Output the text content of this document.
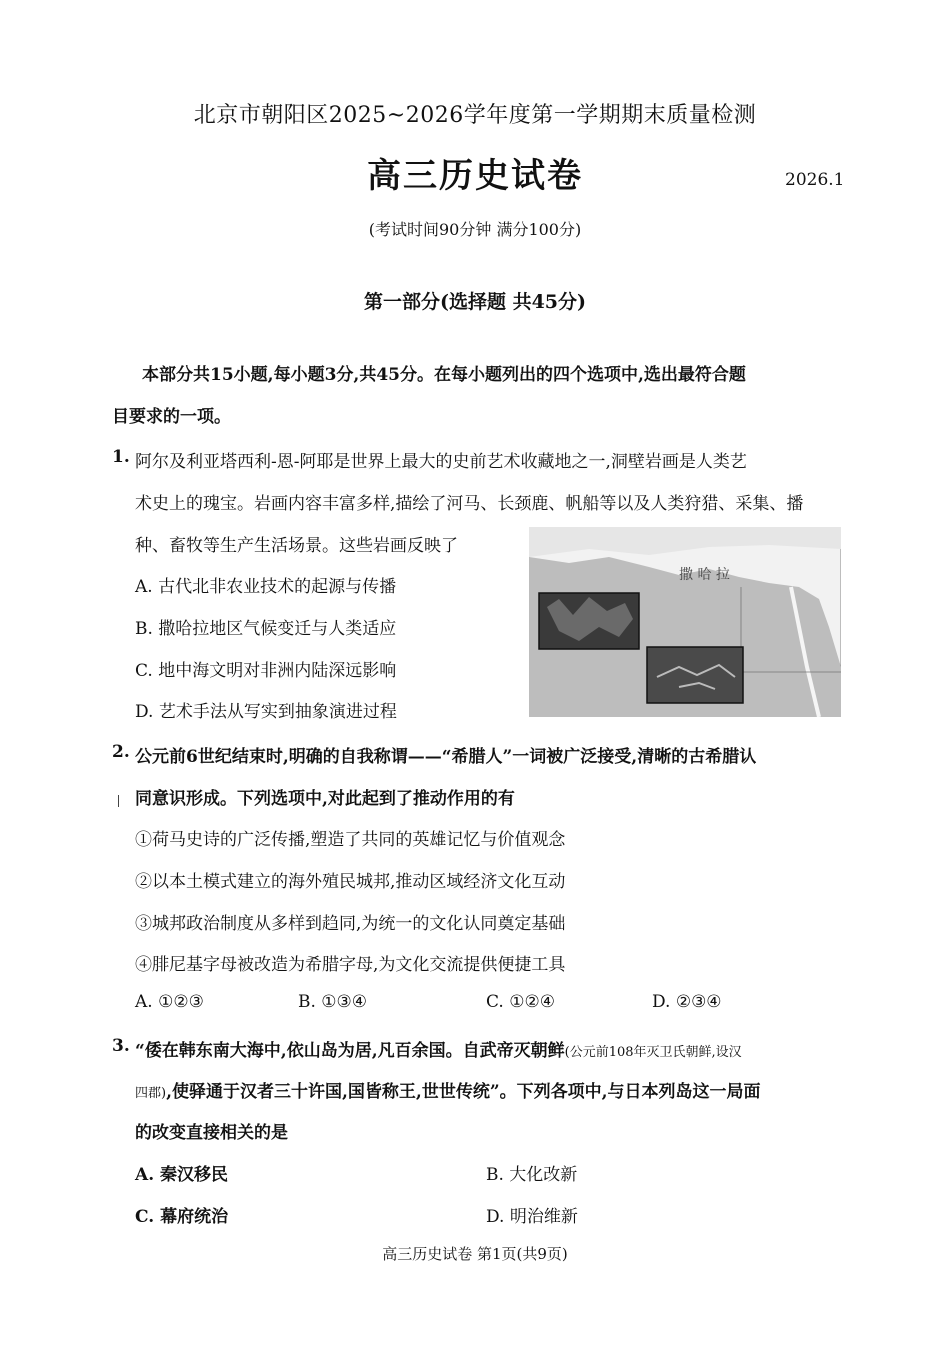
北京市朝阳区2025~2026学年度第一学期期末质量检测
高三历史试卷	2026.1
(考试时间90分钟 满分100分)
第一部分(选择题 共45分)
本部分共15小题,每小题3分,共45分。在每小题列出的四个选项中,选出最符合题
目要求的一项。
1. 阿尔及利亚塔西利-恩-阿耶是世界上最大的史前艺术收藏地之一,洞壁岩画是人类艺
术史上的瑰宝。岩画内容丰富多样,描绘了河马、长颈鹿、帆船等以及人类狩猎、采集、播
种、畜牧等生产生活场景。这些岩画反映了
A. 古代北非农业技术的起源与传播
B. 撒哈拉地区气候变迁与人类适应
C. 地中海文明对非洲内陆深远影响
D. 艺术手法从写实到抽象演进过程
撒 哈 拉
2. 公元前6世纪结束时,明确的自我称谓——“希腊人”一词被广泛接受,清晰的古希腊认
同意识形成。下列选项中,对此起到了推动作用的有
①荷马史诗的广泛传播,塑造了共同的英雄记忆与价值观念
②以本土模式建立的海外殖民城邦,推动区域经济文化互动
③城邦政治制度从多样到趋同,为统一的文化认同奠定基础
④腓尼基字母被改造为希腊字母,为文化交流提供便捷工具
A. ①②③	B. ①③④	C. ①②④	D. ②③④
3. “倭在韩东南大海中,依山岛为居,凡百余国。自武帝灭朝鲜(公元前108年灭卫氏朝鲜,设汉
四郡),使驿通于汉者三十许国,国皆称王,世世传统”。下列各项中,与日本列岛这一局面
的改变直接相关的是
A. 秦汉移民	B. 大化改新
C. 幕府统治	D. 明治维新
高三历史试卷 第1页(共9页)
